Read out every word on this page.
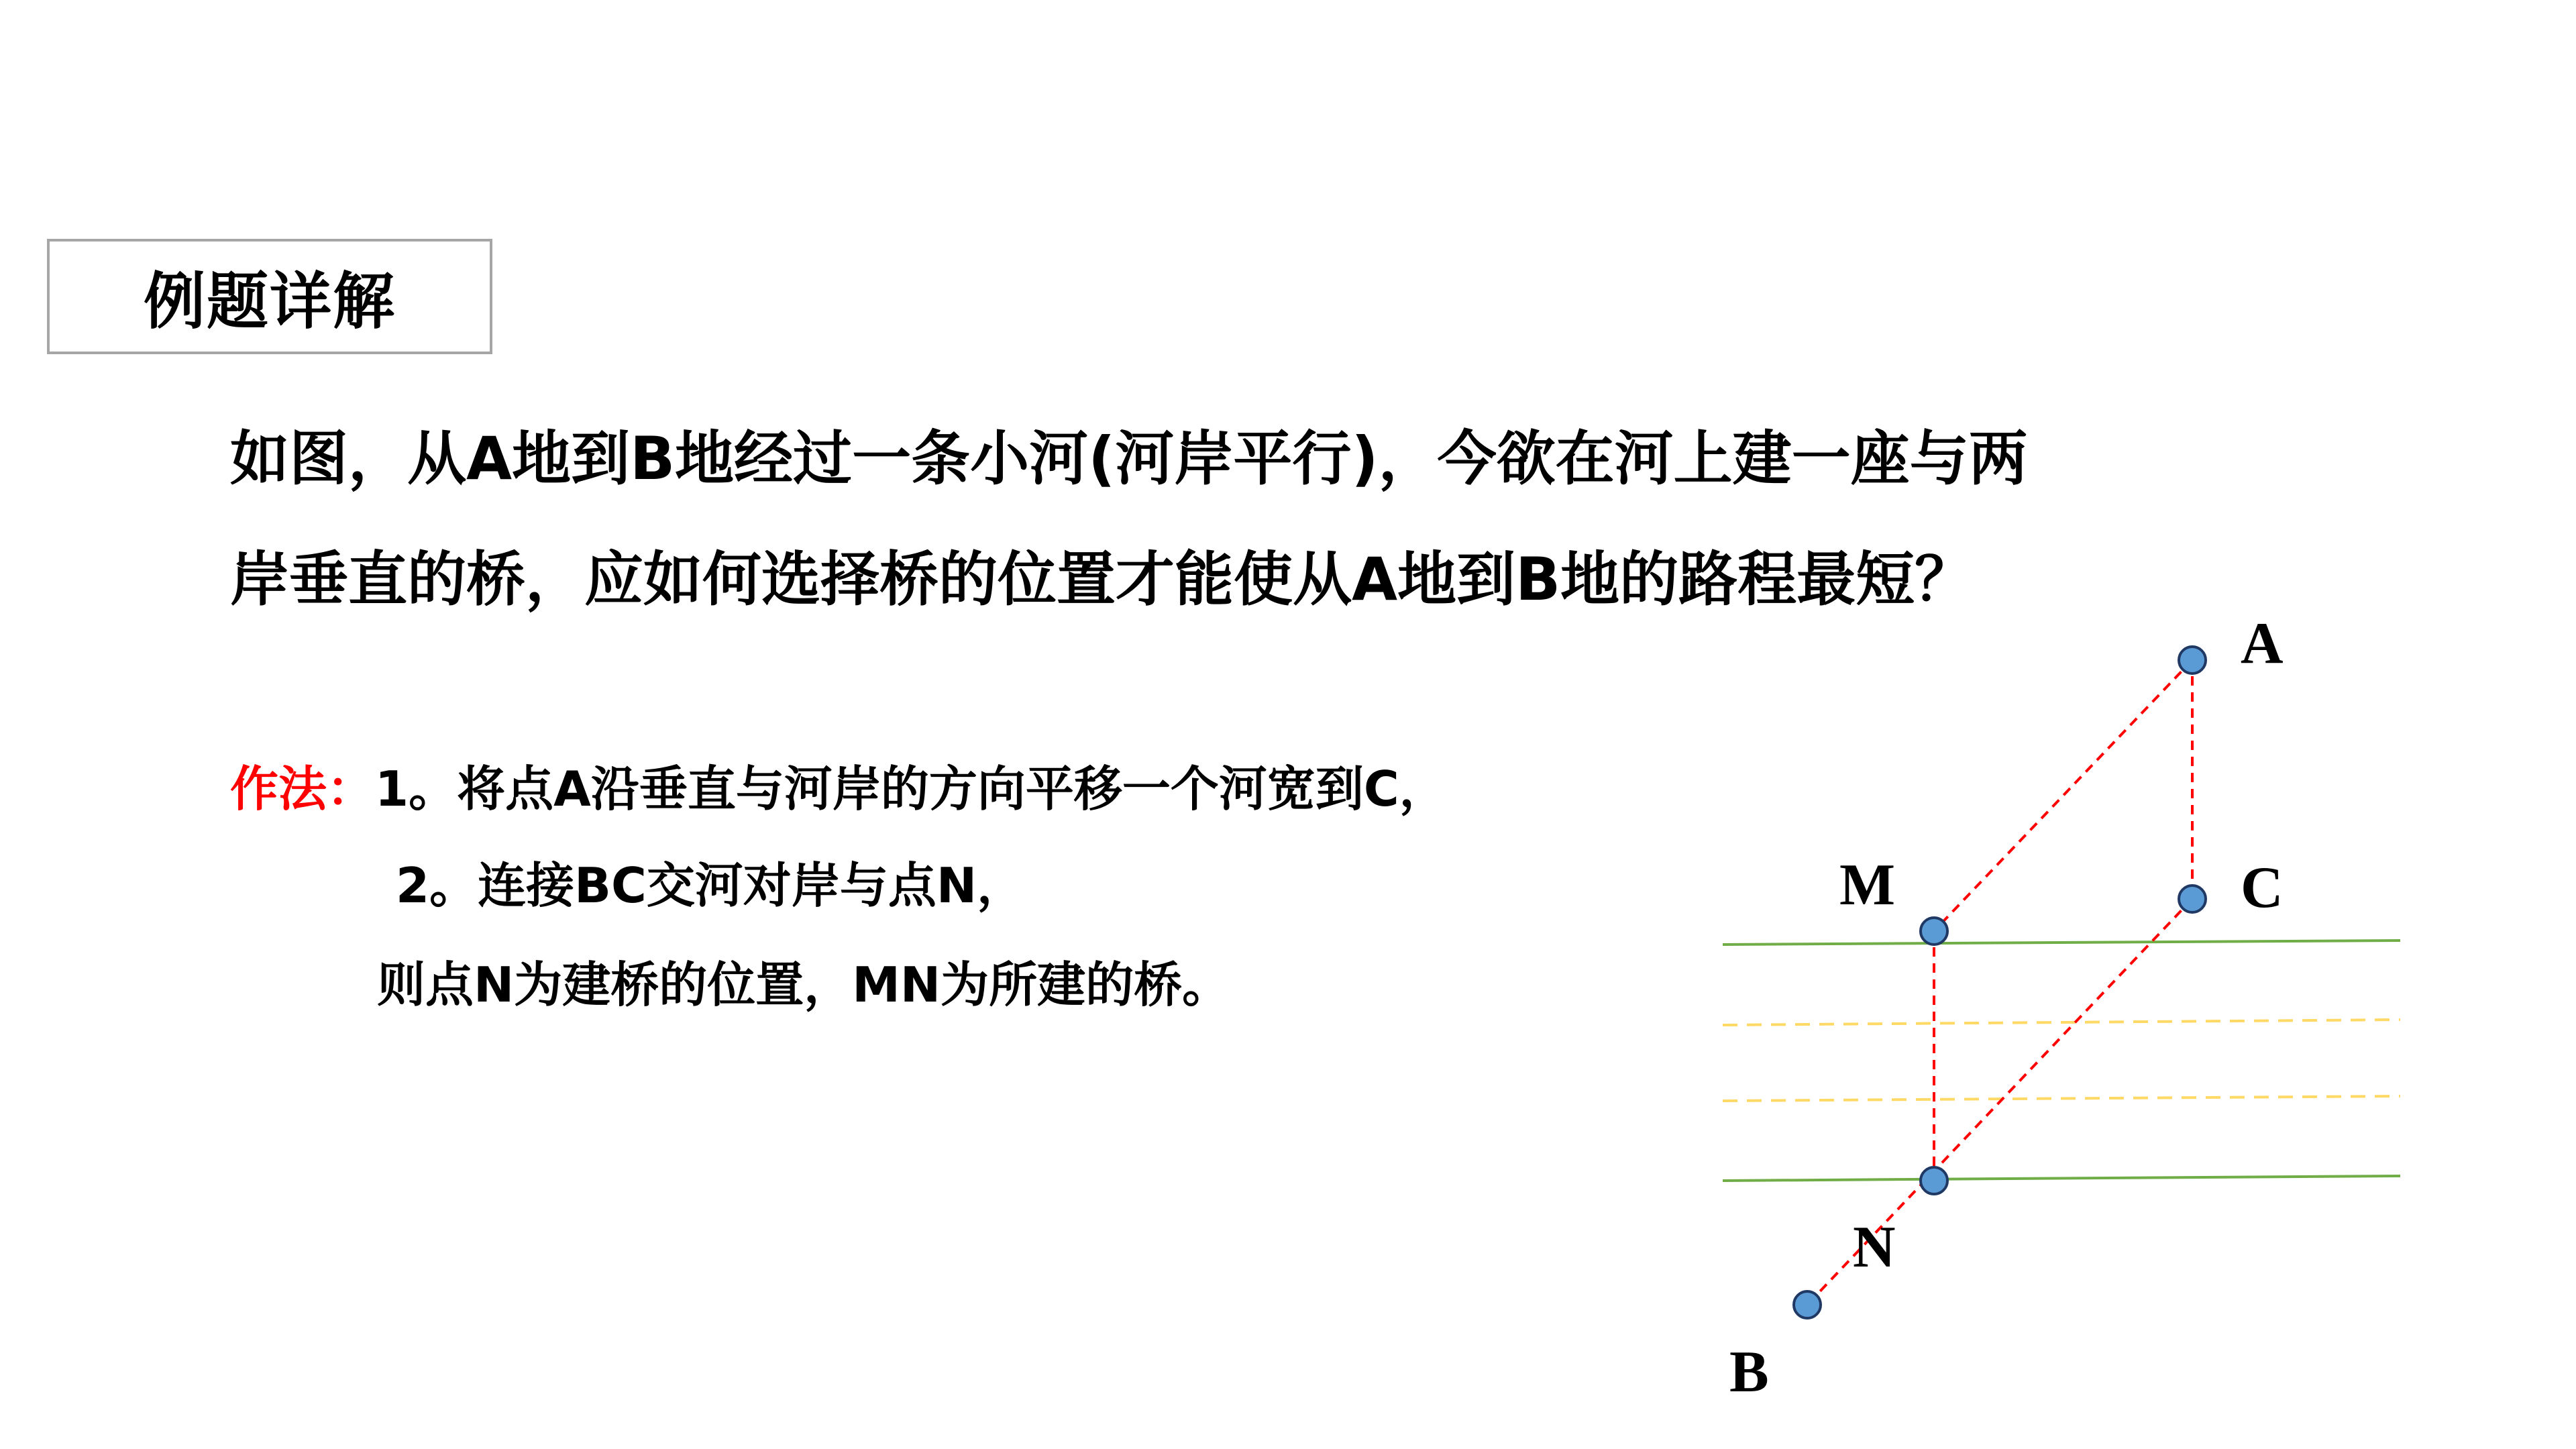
例题详解
如图，从A地到B地经过一条小河(河岸平行)，今欲在河上建一座与两
岸垂直的桥，应如何选择桥的位置才能使从A地到B地的路程最短？
作法：1。将点A沿垂直与河岸的方向平移一个河宽到C，
2。连接BC交河对岸与点N，
则点N为建桥的位置，MN为所建的桥。
A
C
M
N
B
